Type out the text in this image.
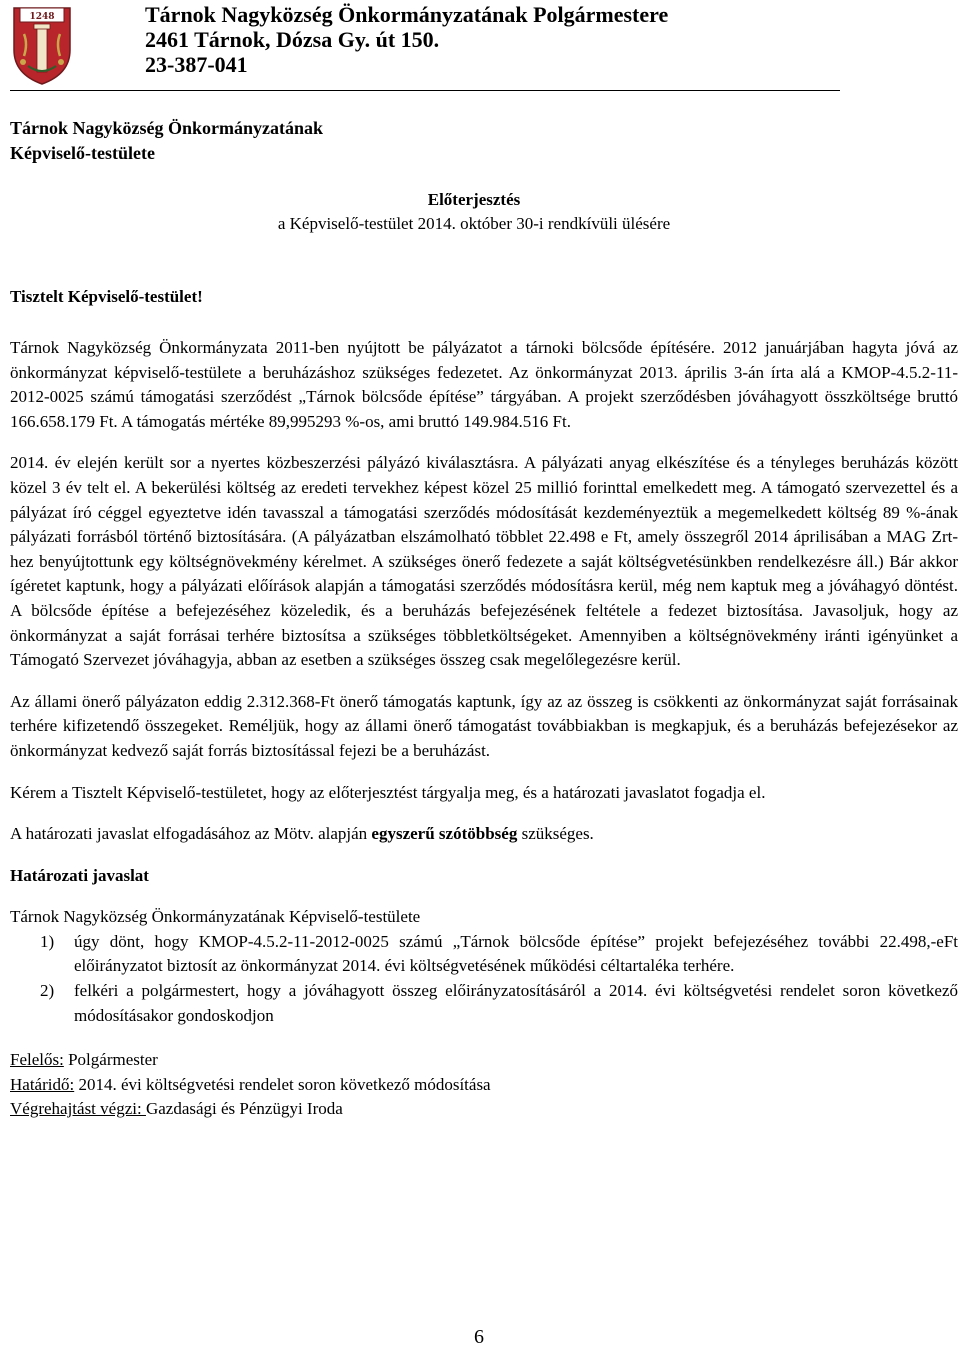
1248	Tárnok Nagyközség Önkormányzatának Polgármestere
2461 Tárnok, Dózsa Gy. út 150.
23-387-041
Tárnok Nagyközség Önkormányzatának
Képviselő-testülete
Előterjesztés
a Képviselő-testület 2014. október 30-i rendkívüli ülésére
Tisztelt Képviselő-testület!

Tárnok Nagyközség Önkormányzata 2011-ben nyújtott be pályázatot a tárnoki bölcsőde építésére. 2012 januárjában hagyta jóvá az önkormányzat képviselő-testülete a beruházáshoz szükséges fedezetet. Az önkormányzat 2013. április 3-án írta alá a KMOP-4.5.2-11-2012-0025 számú támogatási szerződést „Tárnok bölcsőde építése” tárgyában. A projekt szerződésben jóváhagyott összköltsége bruttó 166.658.179 Ft. A támogatás mértéke 89,995293 %-os, ami bruttó 149.984.516 Ft.

2014. év elején került sor a nyertes közbeszerzési pályázó kiválasztásra. A pályázati anyag elkészítése és a tényleges beruházás között közel 3 év telt el. A bekerülési költség az eredeti tervekhez képest közel 25 millió forinttal emelkedett meg. A támogató szervezettel és a pályázat író céggel egyeztetve idén tavasszal a támogatási szerződés módosítását kezdeményeztük a megemelkedett költség 89 %-ának pályázati forrásból történő biztosítására. (A pályázatban elszámolható többlet 22.498 e Ft, amely összegről 2014 áprilisában a MAG Zrt-hez benyújtottunk egy költségnövekmény kérelmet. A szükséges önerő fedezete a saját költségvetésünkben rendelkezésre áll.) Bár akkor ígéretet kaptunk, hogy a pályázati előírások alapján a támogatási szerződés módosításra kerül, még nem kaptuk meg a jóváhagyó döntést. A bölcsőde építése a befejezéséhez közeledik, és a beruházás befejezésének feltétele a fedezet biztosítása. Javasoljuk, hogy az önkormányzat a saját forrásai terhére biztosítsa a szükséges többletköltségeket. Amennyiben a költségnövekmény iránti igényünket a Támogató Szervezet jóváhagyja, abban az esetben a szükséges összeg csak megelőlegezésre kerül.

Az állami önerő pályázaton eddig 2.312.368-Ft önerő támogatás kaptunk, így az az összeg is csökkenti az önkormányzat saját forrásainak terhére kifizetendő összegeket. Reméljük, hogy az állami önerő támogatást továbbiakban is megkapjuk, és a beruházás befejezésekor az önkormányzat kedvező saját forrás biztosítással fejezi be a beruházást.

Kérem a Tisztelt Képviselő-testületet, hogy az előterjesztést tárgyalja meg, és a határozati javaslatot fogadja el.

A határozati javaslat elfogadásához az Mötv. alapján egyszerű szótöbbség szükséges.

Határozati javaslat

Tárnok Nagyközség Önkormányzatának Képviselő-testülete
1) úgy dönt, hogy KMOP-4.5.2-11-2012-0025 számú „Tárnok bölcsőde építése” projekt befejezéséhez további 22.498,-eFt előirányzatot biztosít az önkormányzat 2014. évi költségvetésének működési céltartaléka terhére.
2) felkéri a polgármestert, hogy a jóváhagyott összeg előirányzatosításáról a 2014. évi költségvetési rendelet soron következő módosításakor gondoskodjon
Felelős: Polgármester
Határidő: 2014. évi költségvetési rendelet soron következő módosítása
Végrehajtást végzi: Gazdasági és Pénzügyi Iroda
6
